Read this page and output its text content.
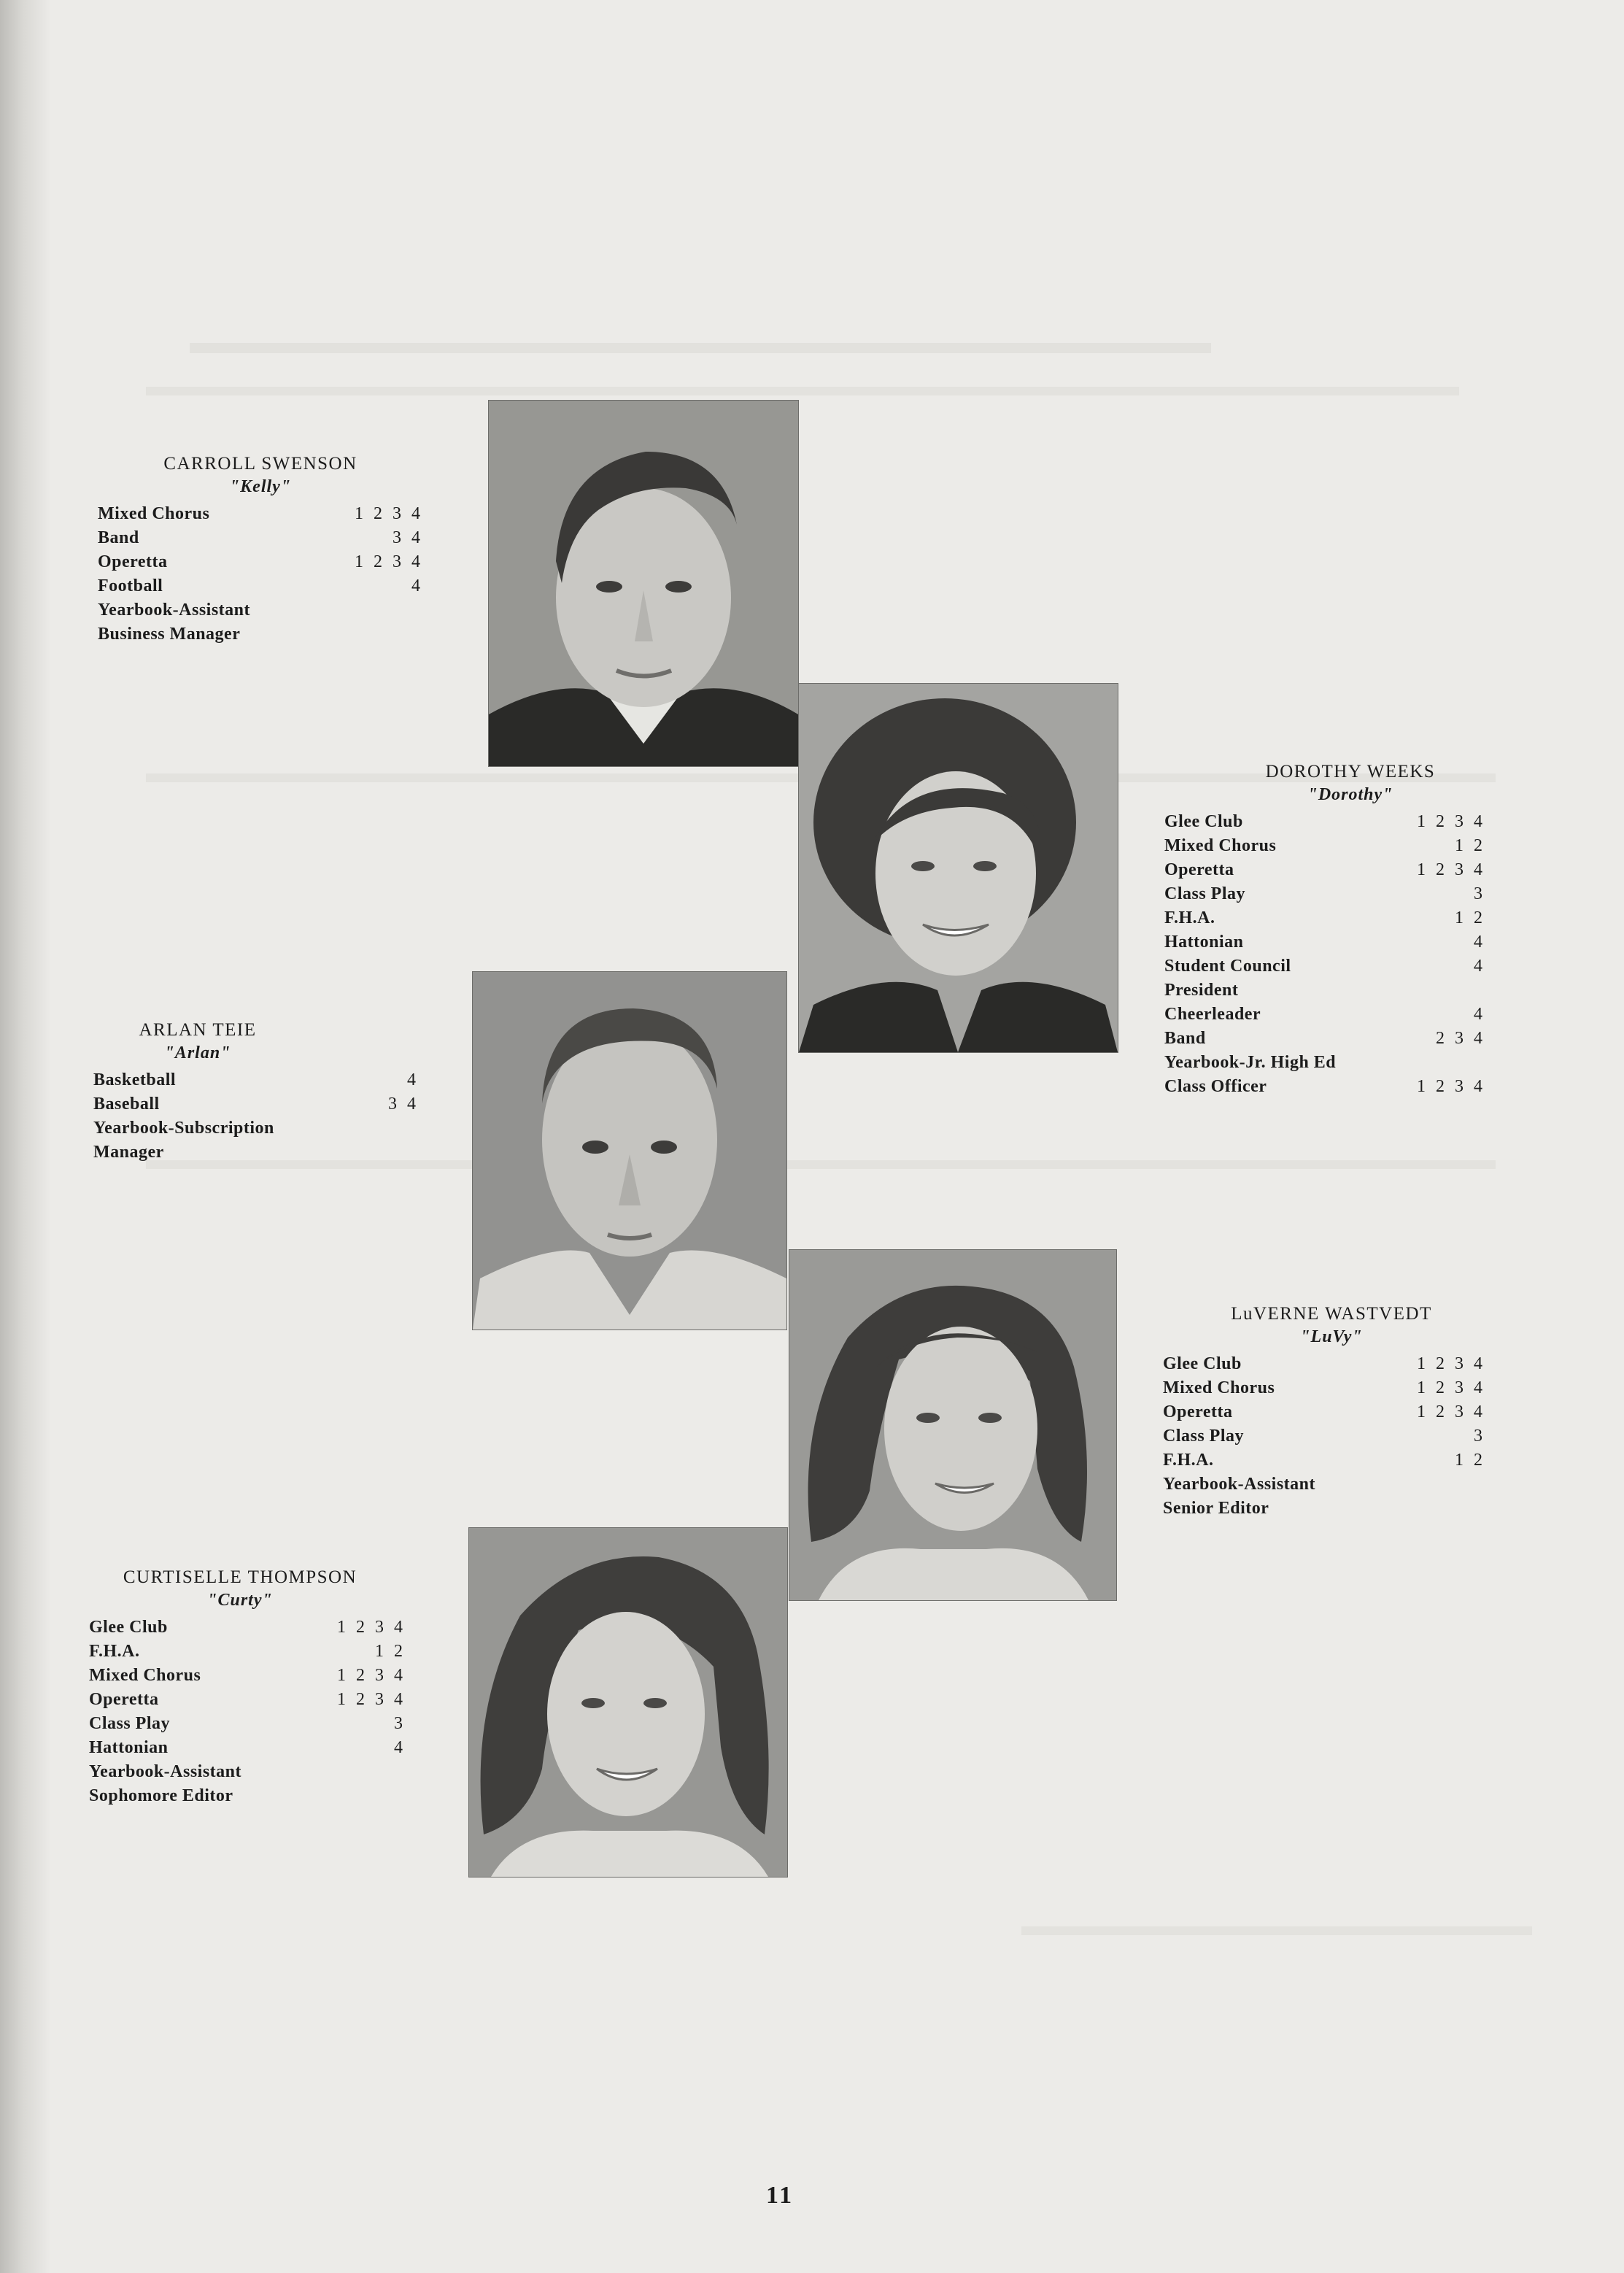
CARROLL SWENSON

"Kelly"

Mixed Chorus	1 2 3 4
Band	3 4
Operetta	1 2 3 4
Football	4
Yearbook-Assistant
Business Manager

DOROTHY WEEKS

"Dorothy"

Glee Club	1 2 3 4
Mixed Chorus	1 2
Operetta	1 2 3 4
Class Play	3
F.H.A.	1 2
Hattonian	4
Student Council	4
President
Cheerleader	4
Band	2 3 4
Yearbook-Jr. High Ed
Class Officer	1 2 3 4

ARLAN TEIE

"Arlan"

Basketball	4
Baseball	3 4
Yearbook-Subscription
Manager

LuVERNE WASTVEDT

"LuVy"

Glee Club	1 2 3 4
Mixed Chorus	1 2 3 4
Operetta	1 2 3 4
Class Play	3
F.H.A.	1 2
Yearbook-Assistant
Senior Editor

CURTISELLE THOMPSON

"Curty"

Glee Club	1 2 3 4
F.H.A.	1 2
Mixed Chorus	1 2 3 4
Operetta	1 2 3 4
Class Play	3
Hattonian	4
Yearbook-Assistant
Sophomore Editor
11
